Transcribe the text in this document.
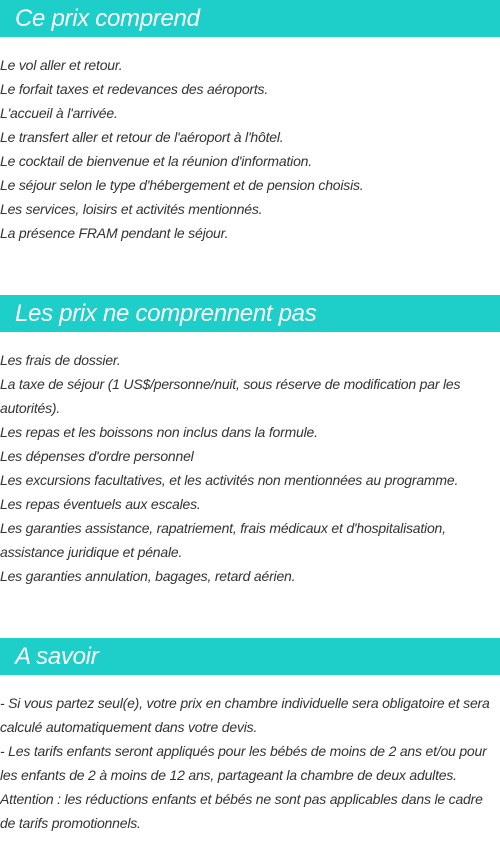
Ce prix comprend
Le vol aller et retour.
Le forfait taxes et redevances des aéroports.
L'accueil à l'arrivée.
Le transfert aller et retour de l'aéroport à l'hôtel.
Le cocktail de bienvenue et la réunion d'information.
Le séjour selon le type d'hébergement et de pension choisis.
Les services, loisirs et activités mentionnés.
La présence FRAM pendant le séjour.
Les prix ne comprennent pas
Les frais de dossier.
La taxe de séjour (1 US$/personne/nuit, sous réserve de modification par les autorités).
Les repas et les boissons non inclus dans la formule.
Les dépenses d'ordre personnel
Les excursions facultatives, et les activités non mentionnées au programme.
Les repas éventuels aux escales.
Les garanties assistance, rapatriement, frais médicaux et d'hospitalisation, assistance juridique et pénale.
Les garanties annulation, bagages, retard aérien.
A savoir
- Si vous partez seul(e), votre prix en chambre individuelle sera obligatoire et sera calculé automatiquement dans votre devis.
- Les tarifs enfants seront appliqués pour les bébés de moins de 2 ans et/ou pour les enfants de 2 à moins de 12 ans, partageant la chambre de deux adultes.
Attention : les réductions enfants et bébés ne sont pas applicables dans le cadre de tarifs promotionnels.
